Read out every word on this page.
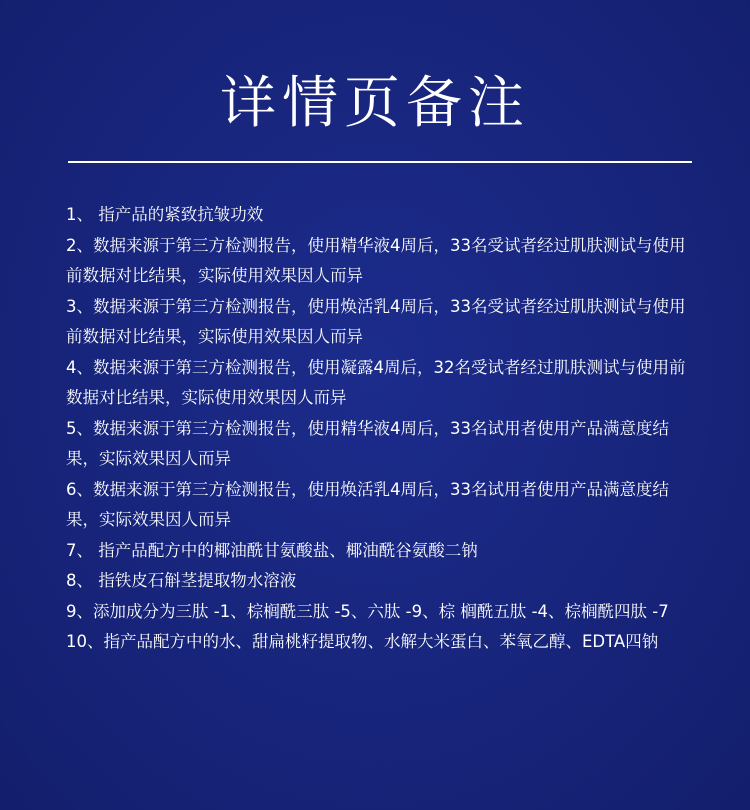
详情页备注
1、 指产品的紧致抗皱功效
2、数据来源于第三方检测报告，使用精华液4周后，33名受试者经过肌肤测试与使用前数据对比结果，实际使用效果因人而异
3、数据来源于第三方检测报告，使用焕活乳4周后，33名受试者经过肌肤测试与使用前数据对比结果，实际使用效果因人而异
4、数据来源于第三方检测报告，使用凝露4周后，32名受试者经过肌肤测试与使用前数据对比结果，实际使用效果因人而异
5、数据来源于第三方检测报告，使用精华液4周后，33名试用者使用产品满意度结果，实际效果因人而异
6、数据来源于第三方检测报告，使用焕活乳4周后，33名试用者使用产品满意度结果，实际效果因人而异
7、 指产品配方中的椰油酰甘氨酸盐、椰油酰谷氨酸二钠
8、 指铁皮石斛茎提取物水溶液
9、添加成分为三肽 -1、棕榈酰三肽 -5、六肽 -9、棕 榈酰五肽 -4、棕榈酰四肽 -7
10、指产品配方中的水、甜扁桃籽提取物、水解大米蛋白、苯氧乙醇、EDTA四钠
